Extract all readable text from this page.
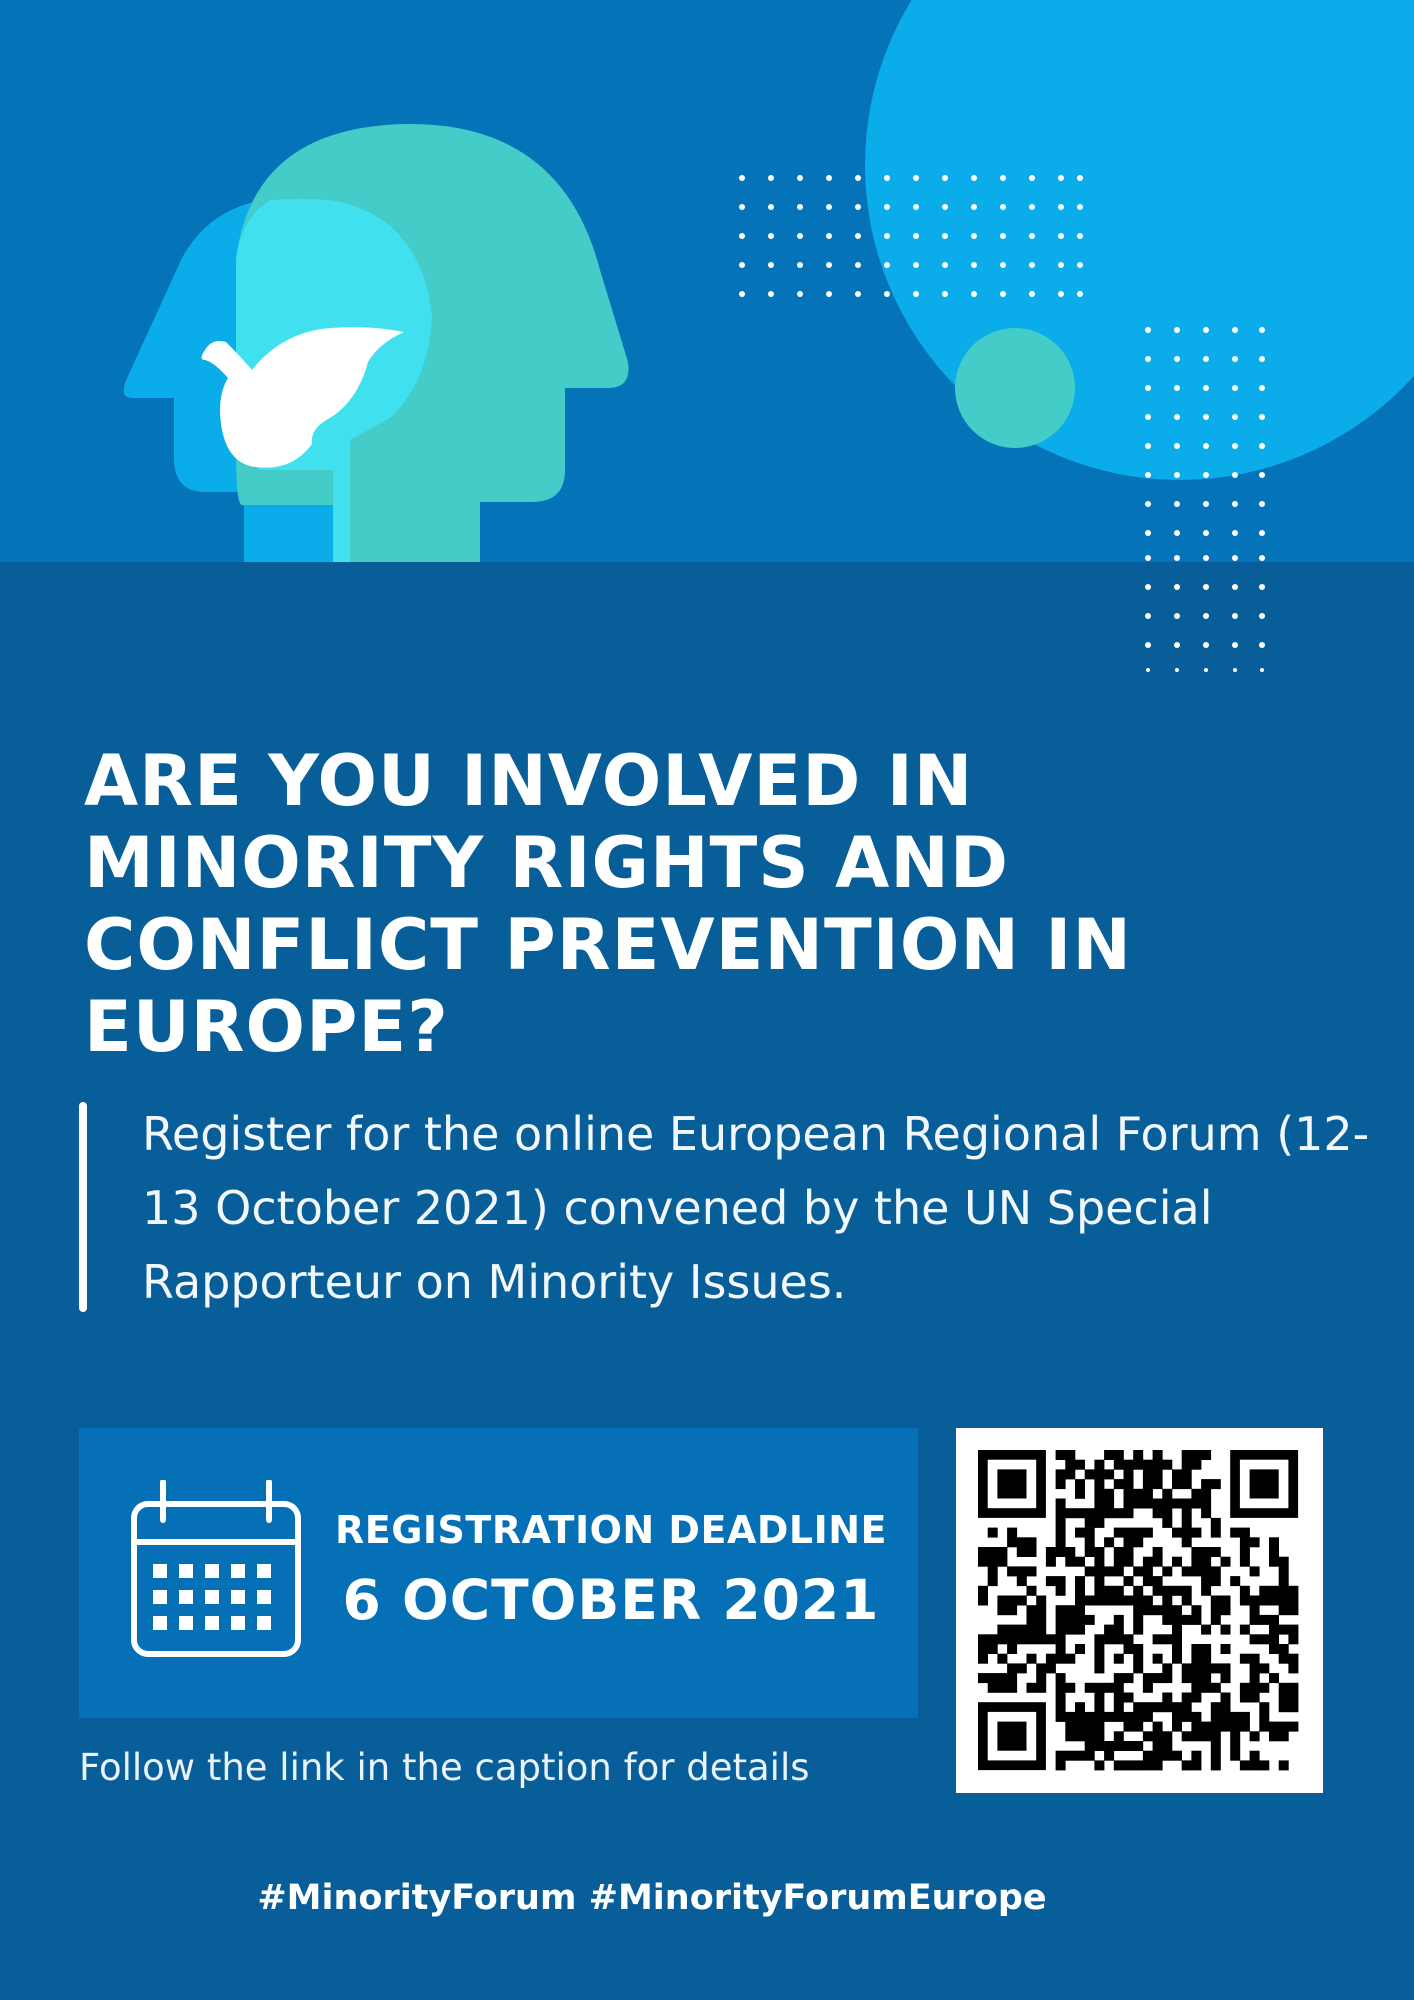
ARE YOU INVOLVED IN MINORITY RIGHTS AND CONFLICT PREVENTION IN EUROPE?

Register for the online European Regional Forum (12-13 October 2021) convened by the UN Special Rapporteur on Minority Issues.

REGISTRATION DEADLINE
6 OCTOBER 2021
Follow the link in the caption for details
#MinorityForum #MinorityForumEurope
